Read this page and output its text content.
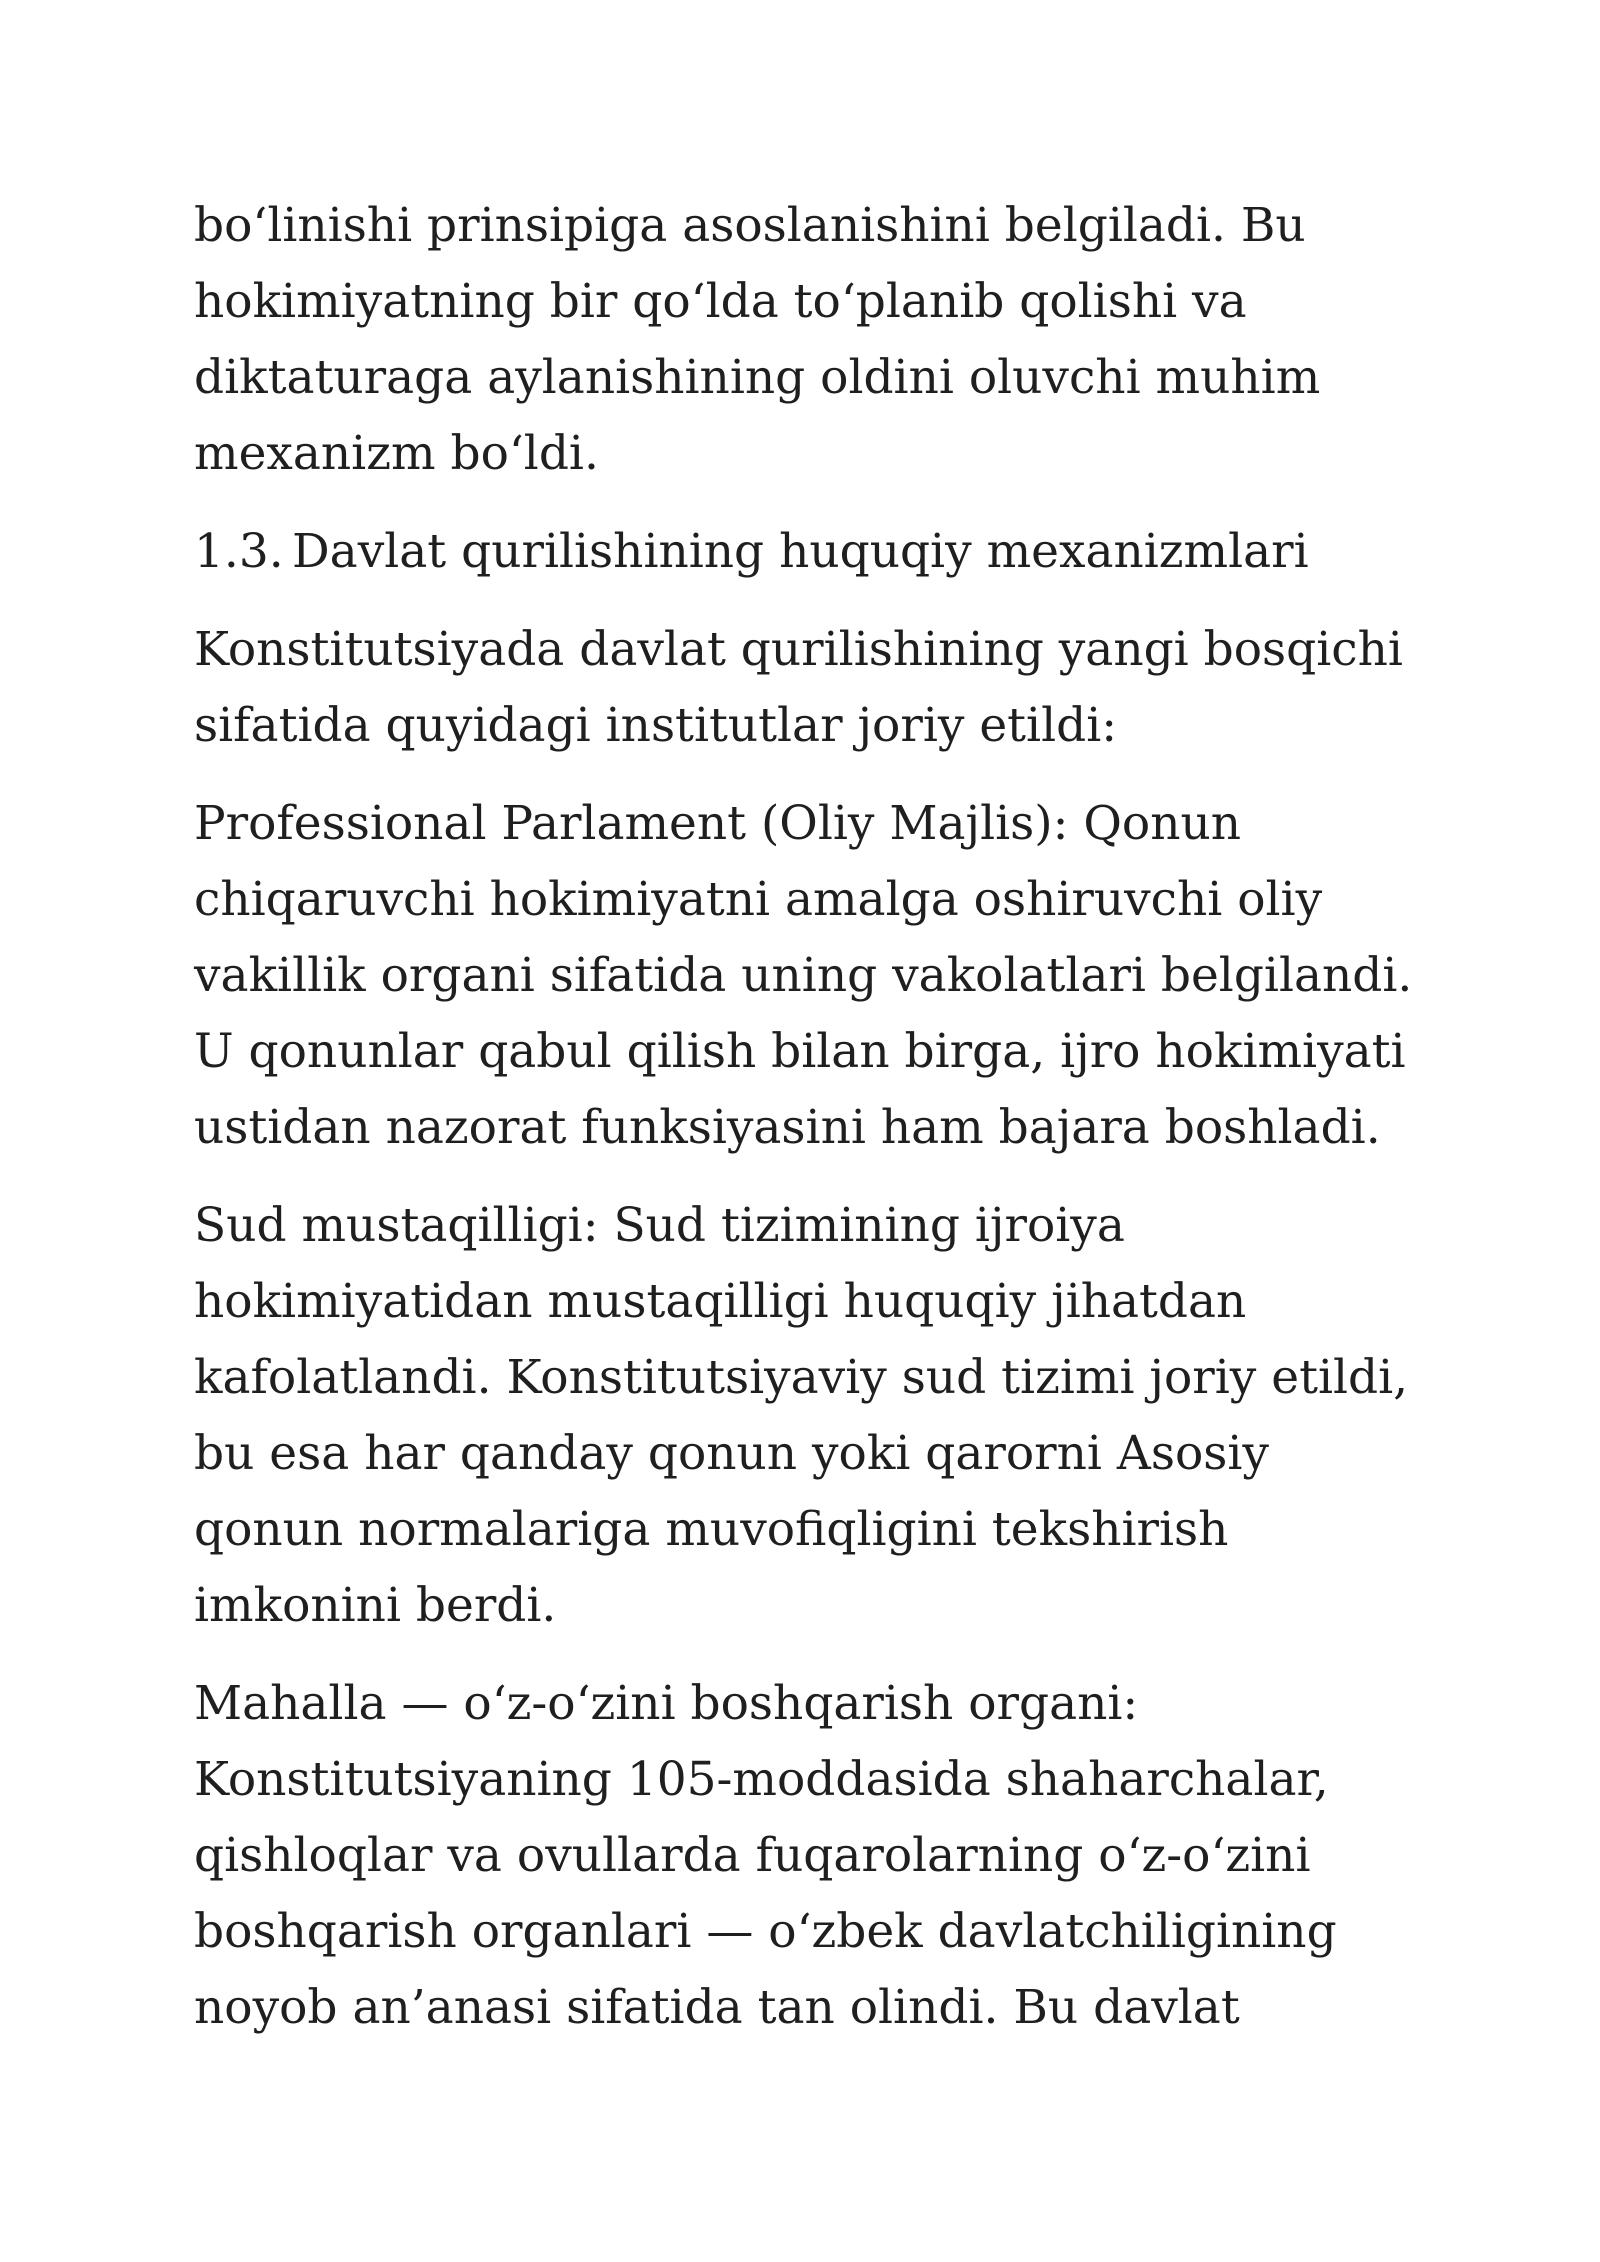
bo‘linishi prinsipiga asoslanishini belgiladi. Bu
hokimiyatning bir qo‘lda to‘planib qolishi va
diktaturaga aylanishining oldini oluvchi muhim
mexanizm bo‘ldi.

1.3. Davlat qurilishining huquqiy mexanizmlari

Konstitutsiyada davlat qurilishining yangi bosqichi
sifatida quyidagi institutlar joriy etildi:

Professional Parlament (Oliy Majlis): Qonun
chiqaruvchi hokimiyatni amalga oshiruvchi oliy
vakillik organi sifatida uning vakolatlari belgilandi.
U qonunlar qabul qilish bilan birga, ijro hokimiyati
ustidan nazorat funksiyasini ham bajara boshladi.

Sud mustaqilligi: Sud tizimining ijroiya
hokimiyatidan mustaqilligi huquqiy jihatdan
kafolatlandi. Konstitutsiyaviy sud tizimi joriy etildi,
bu esa har qanday qonun yoki qarorni Asosiy
qonun normalariga muvofiqligini tekshirish
imkonini berdi.

Mahalla — o‘z-o‘zini boshqarish organi:
Konstitutsiyaning 105-moddasida shaharchalar,
qishloqlar va ovullarda fuqarolarning o‘z-o‘zini
boshqarish organlari — o‘zbek davlatchiligining
noyob an’anasi sifatida tan olindi. Bu davlat
